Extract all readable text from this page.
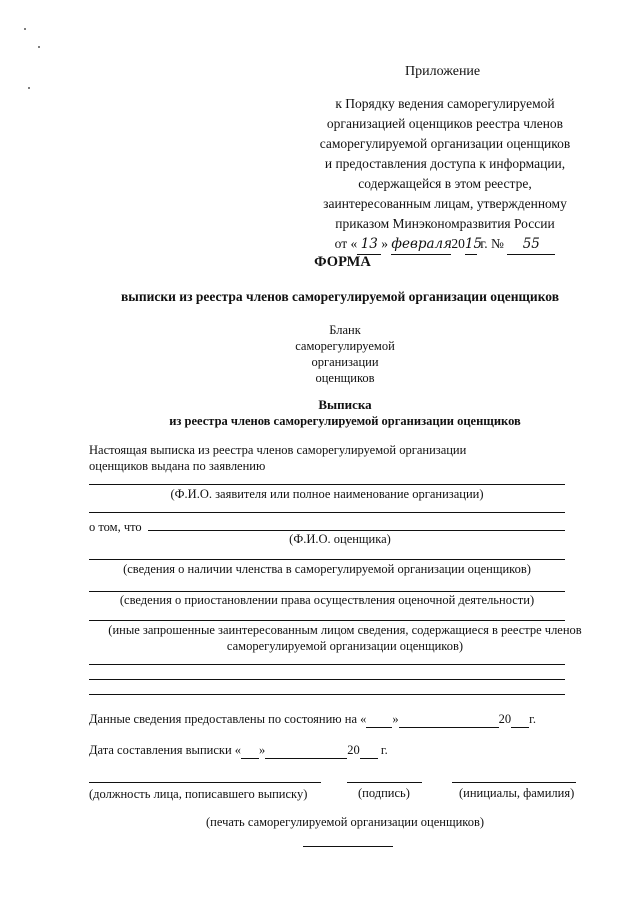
Приложение
к Порядку ведения саморегулируемой
организацией оценщиков реестра членов
саморегулируемой организации оценщиков
и предоставления доступа к информации,
содержащейся в этом реестре,
заинтересованным лицам, утвержденному
приказом Минэкономразвития России
от « 13 » февраля2015 г. № 55
ФОРМА
выписки из реестра членов саморегулируемой организации оценщиков
Бланк
саморегулируемой
организации
оценщиков
Выписка
из реестра членов саморегулируемой организации оценщиков
Настоящая выписка из реестра членов саморегулируемой организации
оценщиков выдана по заявлению
(Ф.И.О. заявителя или полное наименование организации)
о том, что
(Ф.И.О. оценщика)
(сведения о наличии членства в саморегулируемой организации оценщиков)
(сведения о приостановлении права осуществления оценочной деятельности)
(иные запрошенные заинтересованным лицом сведения, содержащиеся в реестре членов
саморегулируемой организации оценщиков)
Данные сведения предоставлены по состоянию на « »	20 г.
Дата составления выписки « »	20 г.
(должность лица, пописавшего выписку)	(подпись)	(инициалы, фамилия)
(печать саморегулируемой организации оценщиков)
